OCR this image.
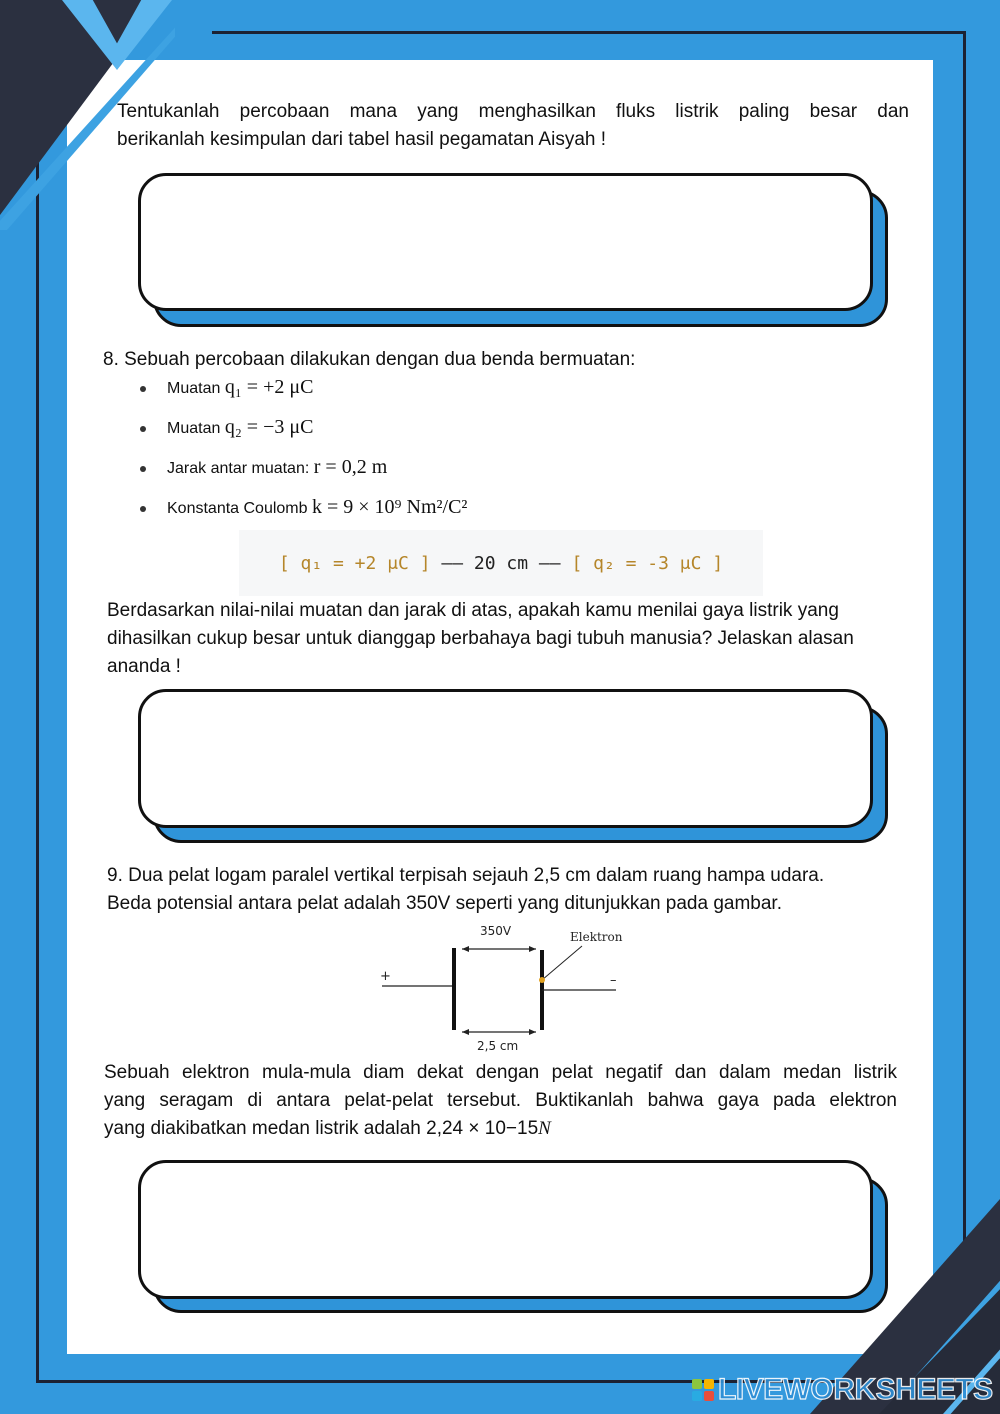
Tentukanlah percobaan mana yang menghasilkan fluks listrik paling besar dan
berikanlah kesimpulan dari tabel hasil pegamatan Aisyah !
8. Sebuah percobaan dilakukan dengan dua benda bermuatan:
Muatan q₁ = +2 μC
Muatan q₂ = −3 μC
Jarak antar muatan: r = 0,2 m
Konstanta Coulomb k = 9 × 10⁹ Nm²/C²
[ q₁ = +2 μC ] —— 20 cm —— [ q₂ = -3 μC ]
Berdasarkan nilai-nilai muatan dan jarak di atas, apakah kamu menilai gaya listrik yang
dihasilkan cukup besar untuk dianggap berbahaya bagi tubuh manusia? Jelaskan alasan
ananda !
9. Dua pelat logam paralel vertikal terpisah sejauh 2,5 cm dalam ruang hampa udara.
Beda potensial antara pelat adalah 350V seperti yang ditunjukkan pada gambar.
+	–
350V
2,5 cm
Elektron
Sebuah elektron mula-mula diam dekat dengan pelat negatif dan dalam medan listrik
yang seragam di antara pelat-pelat tersebut. Buktikanlah bahwa gaya pada elektron
yang diakibatkan medan listrik adalah 2,24 × 10−15N
LIVEWORKSHEETS
